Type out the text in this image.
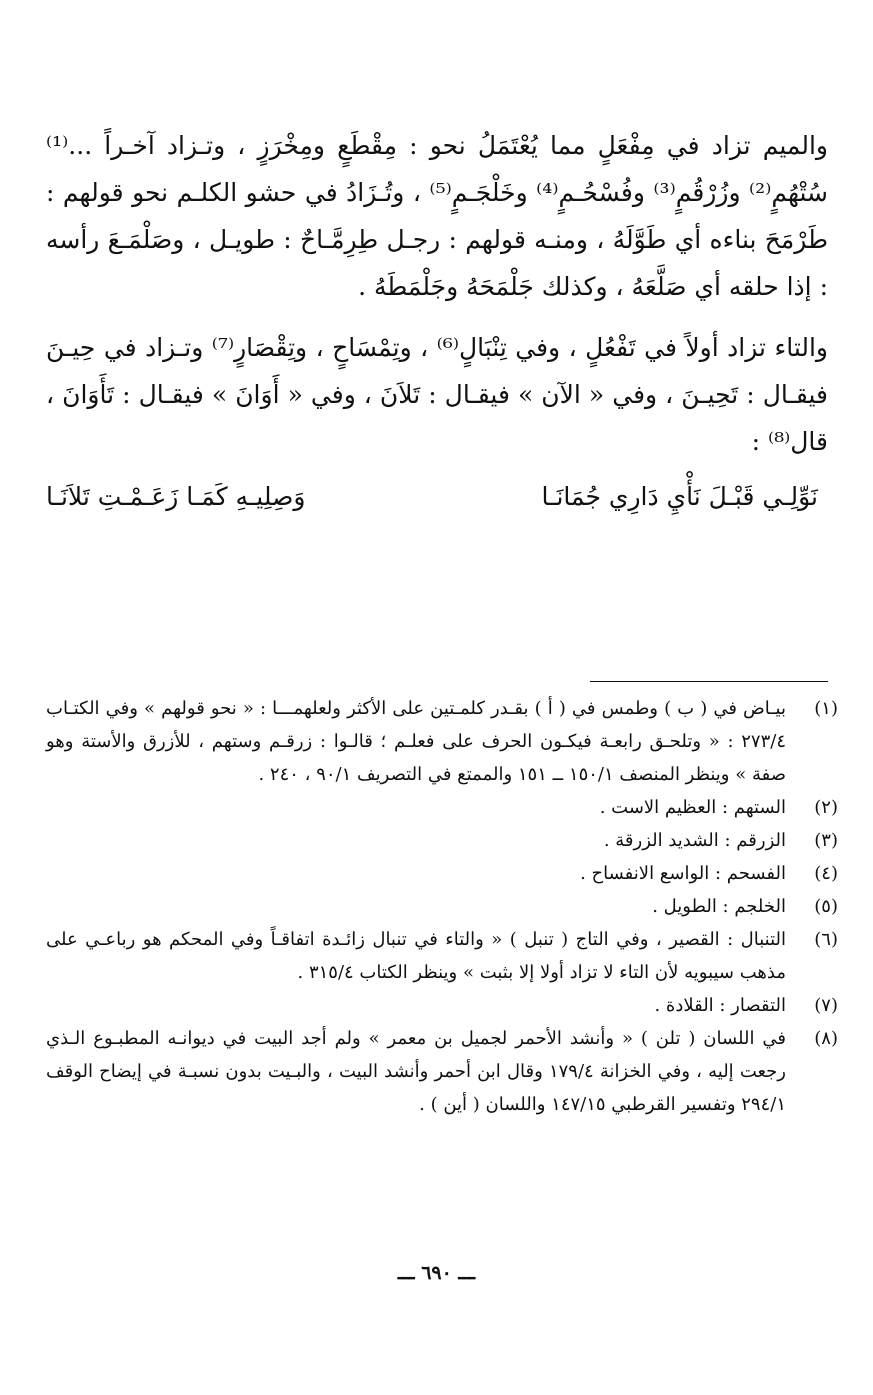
والميم تزاد في مِفْعَلٍ مما يُعْتَمَلُ نحو : مِقْطَعٍ ومِخْرَزٍ ، وتـزاد آخـراً ...⁽¹⁾ سُتْهُمٍ⁽²⁾ وزُرْقُمٍ⁽³⁾ وفُسْحُـمٍ⁽⁴⁾ وخَلْجَـمٍ⁽⁵⁾ ، وتُـزَادُ في حشو الكلـم نحو قولهم : طَرْمَحَ بناءه أي طَوَّلَهُ ، ومنـه قولهم : رجـل طِرِمَّـاحٌ : طويـل ، وصَلْمَـعَ رأسه : إذا حلقه أي صَلَّعَهُ ، وكذلك جَلْمَحَهُ وجَلْمَطَهُ .

والتاء تزاد أولاً في تَفْعُلٍ ، وفي تِنْبَالٍ⁽⁶⁾ ، وتِمْسَاحٍ ، وتِقْصَارٍ⁽⁷⁾ وتـزاد في حِيـنَ فيقـال : تَحِيـنَ ، وفي « الآن » فيقـال : تَلاَنَ ، وفي « أَوَانَ » فيقـال : تَأَوَانَ ، قال⁽⁸⁾ :

نَوِّلِـي قَبْـلَ نَأْيِ دَارِي جُمَانَـا
وَصِلِيـهِ كَمَـا زَعَـمْـتِ تَلاَنَـا
(١)
بيـاض في ( ب ) وطمس في ( أ ) بقـدر كلمـتين على الأكثر ولعلهمـــا : « نحو قولهم » وفي الكتـاب ٢٧٣/٤ : « وتلحـق رابعـة فيكـون الحرف على فعلـم ؛ قالـوا : زرقـم وستهم ، للأزرق والأستة وهو صفة » وينظر المنصف ١٥٠/١ ــ ١٥١ والممتع في التصريف ٩٠/١ ، ٢٤٠ .
(٢)
الستهم : العظيم الاست .
(٣)
الزرقم : الشديد الزرقة .
(٤)
الفسحم : الواسع الانفساح .
(٥)
الخلجم : الطويل .
(٦)
التنبال : القصير ، وفي التاج ( تنبل ) « والتاء في تنبال زائـدة اتفاقـاً وفي المحكم هو رباعـي على مذهب سيبويه لأن التاء لا تزاد أولا إلا بثبت » وينظر الكتاب ٣١٥/٤ .
(٧)
التقصار : القلادة .
(٨)
في اللسان ( تلن ) « وأنشد الأحمر لجميل بن معمر » ولم أجد البيت في ديوانـه المطبـوع الـذي رجعت إليه ، وفي الخزانة ١٧٩/٤ وقال ابن أحمر وأنشد البيت ، والبـيت بدون نسبـة في إيضاح الوقف ٢٩٤/١ وتفسير القرطبي ١٤٧/١٥ واللسان ( أين ) .
ـــ ٦٩٠ ـــ
